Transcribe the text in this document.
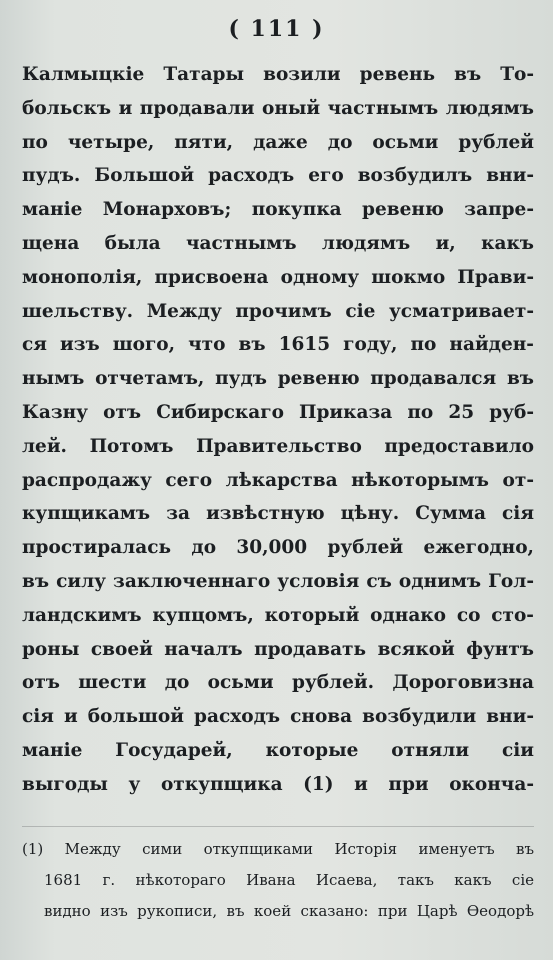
( 111 )
Калмыцкіе Татары возили ревень въ То-
больскъ и продавали оный частнымъ людямъ
по четыре, пяти, даже до осьми рублей
пудъ. Большой расходъ его возбудилъ вни-
маніе Монарховъ; покупка ревеню запре-
щена была частнымъ людямъ и, какъ
монополія, присвоена одному шокмо Прави-
шельству. Между прочимъ сіе усматривает-
ся изъ шого, что въ 1615 году, по найден-
нымъ отчетамъ, пудъ ревеню продавался въ
Казну отъ Сибирскаго Приказа по 25 руб-
лей. Потомъ Правительство предоставило
распродажу сего лѣкарства нѣкоторымъ от-
купщикамъ за извѣстную цѣну. Сумма сія
простиралась до 30,000 рублей ежегодно,
въ силу заключеннаго условія съ однимъ Гол-
ландскимъ купцомъ, который однако со сто-
роны своей началъ продавать всякой фунтъ
отъ шести до осьми рублей. Дороговизна
сія и большой расходъ снова возбудили вни-
маніе Государей, которые отняли сіи
выгоды у откупщика (1) и при оконча-
(1) Между сими откупщиками Исторія именуетъ въ
1681 г. нѣкотораго Ивана Исаева, такъ какъ сіе
видно изъ рукописи, въ коей сказано: при Царѣ Өеодорѣ
